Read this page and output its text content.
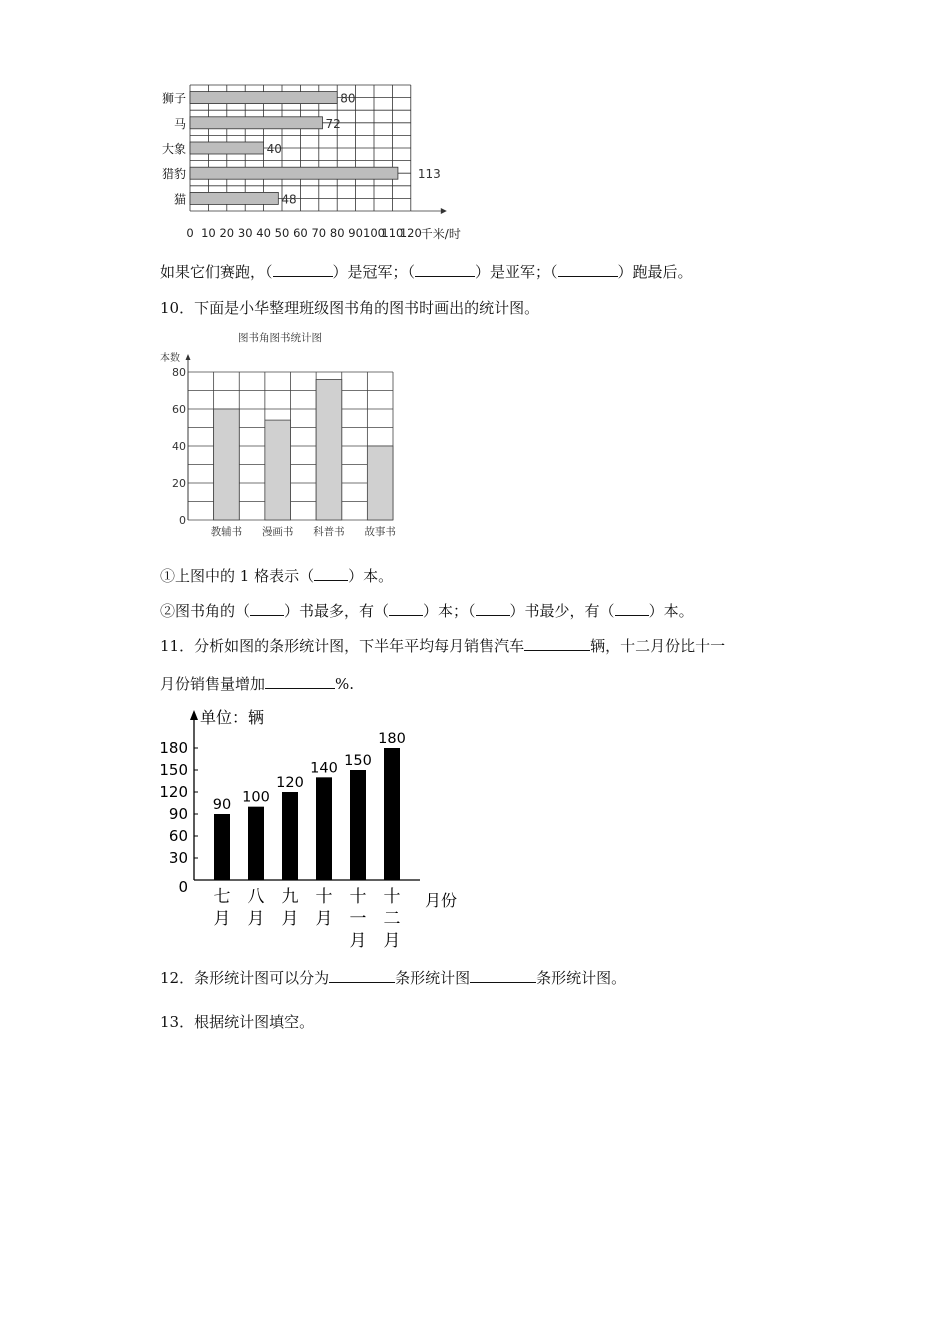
80
狮子
72
马
40
大象
113
猎豹
48
猫
0 10 20 30 40 50 60 70 80 90 100
110
120 千米/时
如果它们赛跑，（	）是冠军；（	）是亚军；（	）跑最后。
10．下面是小华整理班级图书角的图书时画出的统计图。
图书角图书统计图
本数
教辅书 漫画书 科普书 故事书
0
20
40
60
80
①上图中的 1 格表示（ ）本。
②图书角的（ ）书最多，有（ ）本；（ ）书最少，有（ ）本。
11．分析如图的条形统计图，下半年平均每月销售汽车	辆，十二月份比十一
月份销售量增加	%.
单位：辆
0
30
60
90
120
150
180
90
七
月
100
八
月
120
九
月
140
十
月
150
十
一
月
180
十
二
月
月份
12．条形统计图可以分为	条形统计图	条形统计图。
13．根据统计图填空。
